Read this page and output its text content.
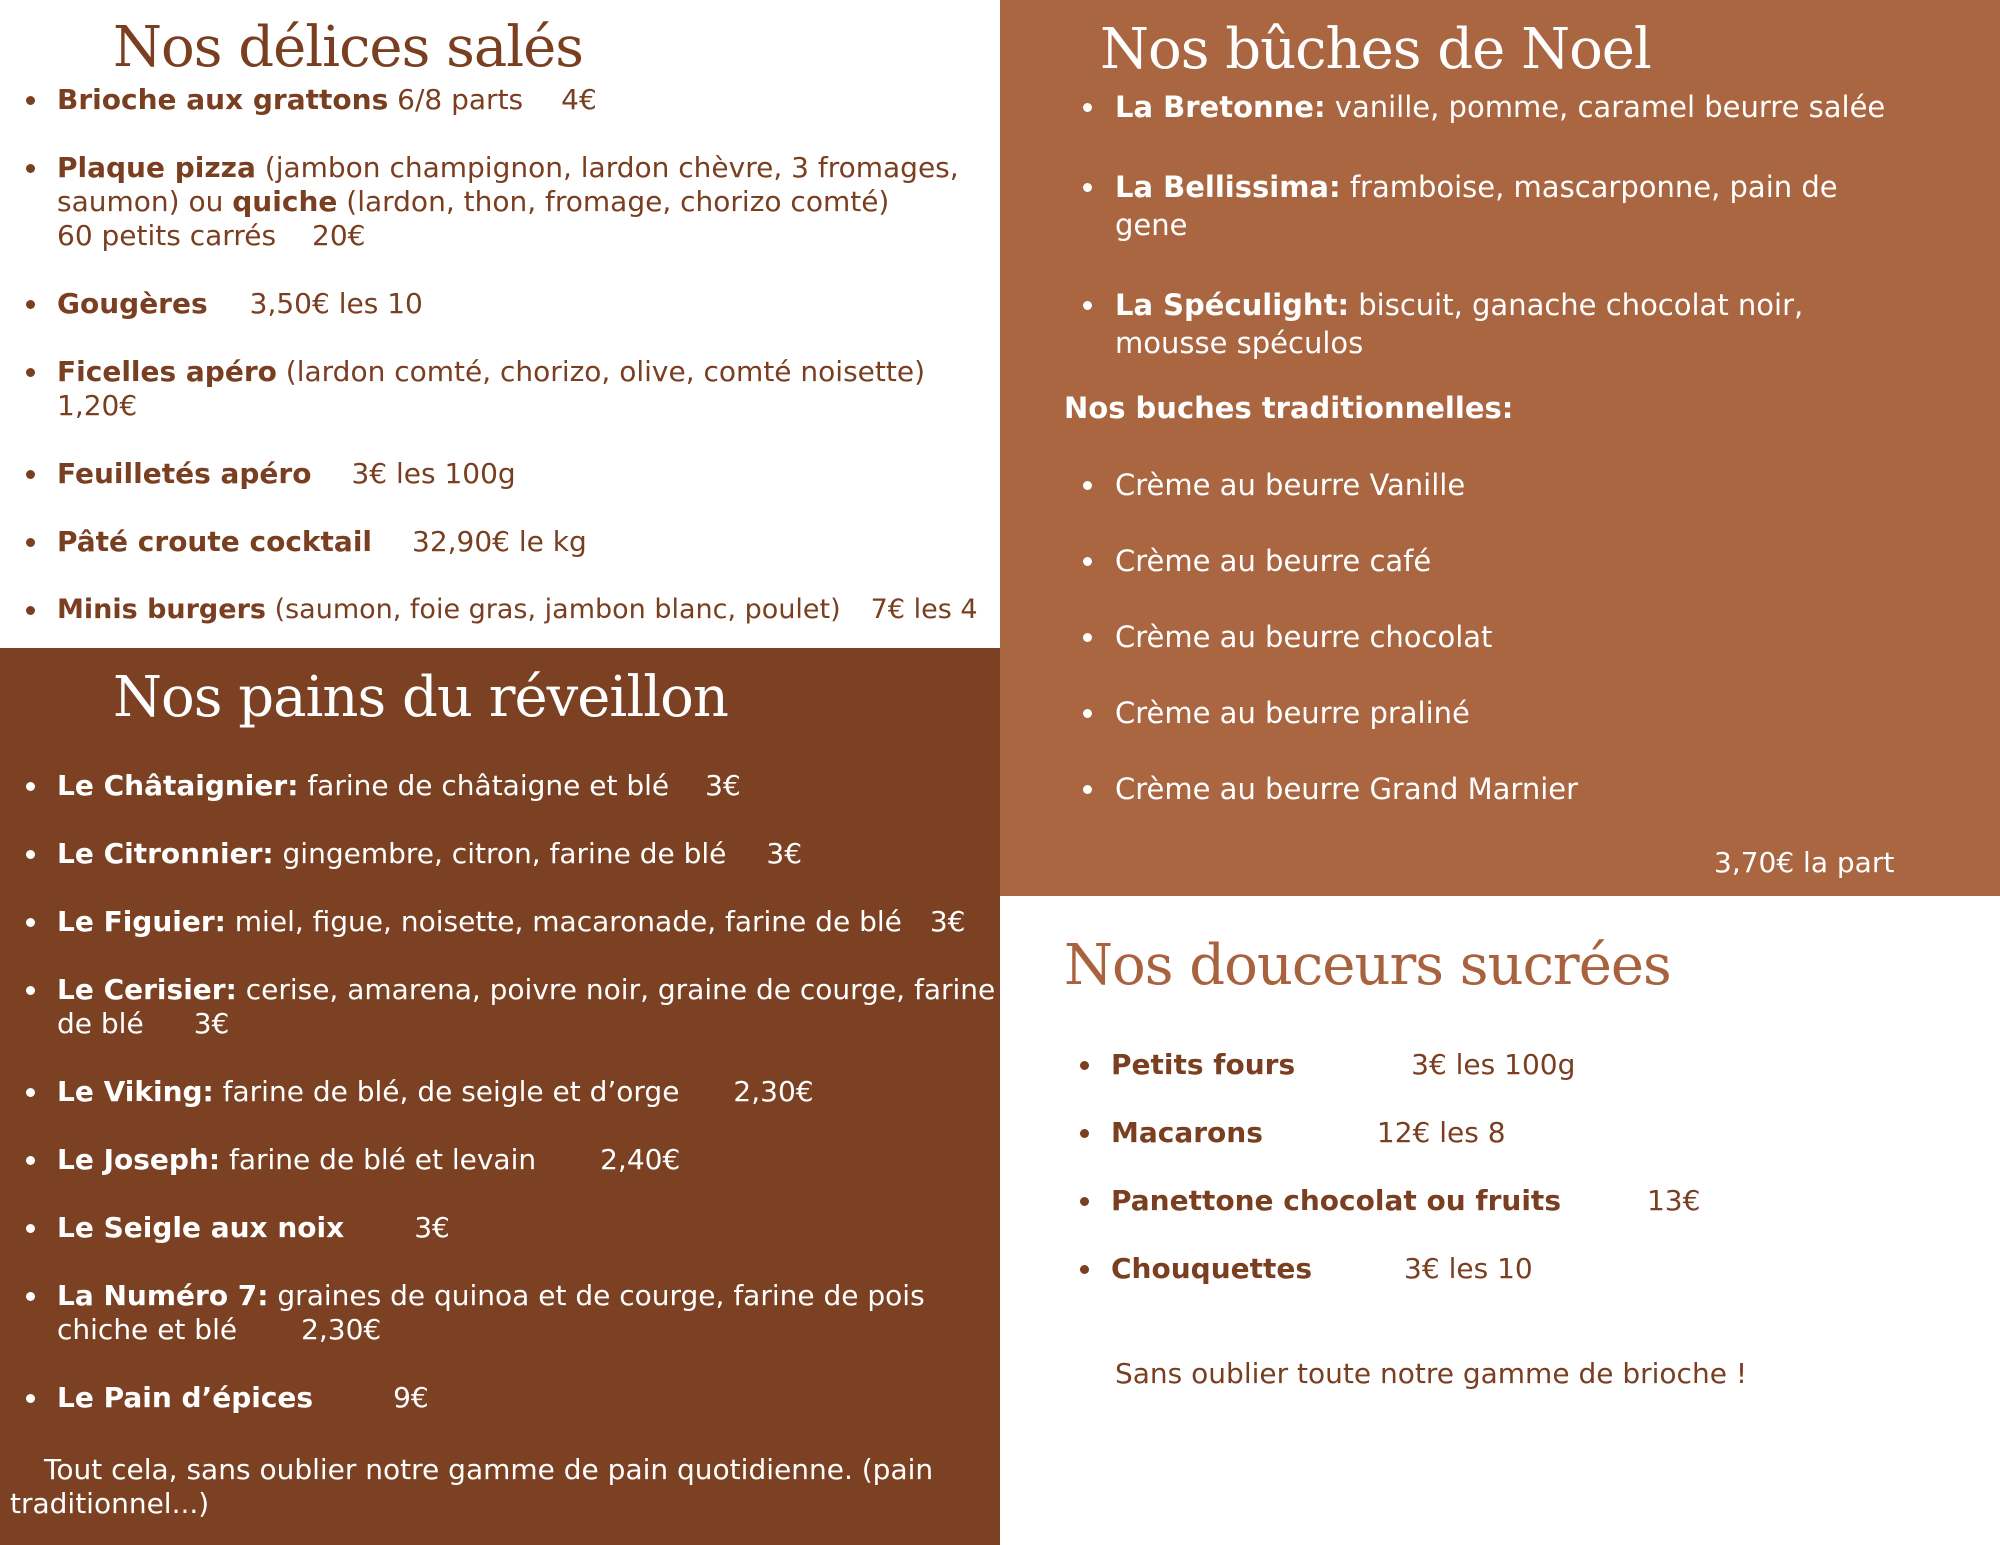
Nos délices salés
Brioche aux grattons 6/8 parts 4€
Plaque pizza (jambon champignon, lardon chèvre, 3 fromages,
saumon) ou quiche (lardon, thon, fromage, chorizo comté)
60 petits carrés 20€
Gougères 3,50€ les 10
Ficelles apéro (lardon comté, chorizo, olive, comté noisette)
1,20€
Feuilletés apéro 3€ les 100g
Pâté croute cocktail 32,90€ le kg
Minis burgers (saumon, foie gras, jambon blanc, poulet) 7€ les 4
Nos pains du réveillon
Le Châtaignier: farine de châtaigne et blé 3€
Le Citronnier: gingembre, citron, farine de blé 3€
Le Figuier: miel, figue, noisette, macaronade, farine de blé 3€
Le Cerisier: cerise, amarena, poivre noir, graine de courge, farine
de blé 3€
Le Viking: farine de blé, de seigle et d’orge 2,30€
Le Joseph: farine de blé et levain 2,40€
Le Seigle aux noix	3€
La Numéro 7: graines de quinoa et de courge, farine de pois
chiche et blé 2,30€
Le Pain d’épices	9€

Tout cela, sans oublier notre gamme de pain quotidienne. (pain
traditionnel...)

Nos bûches de Noel
La Bretonne: vanille, pomme, caramel beurre salée
La Bellissima: framboise, mascarponne, pain de
gene
La Spéculight: biscuit, ganache chocolat noir,
mousse spéculos

Nos buches traditionnelles:

Crème au beurre Vanille
Crème au beurre café
Crème au beurre chocolat
Crème au beurre praliné
Crème au beurre Grand Marnier

3,70€ la part

Nos douceurs sucrées
Petits fours	3€ les 100g
Macarons	12€ les 8
Panettone chocolat ou fruits	13€
Chouquettes	3€ les 10

Sans oublier toute notre gamme de brioche !
